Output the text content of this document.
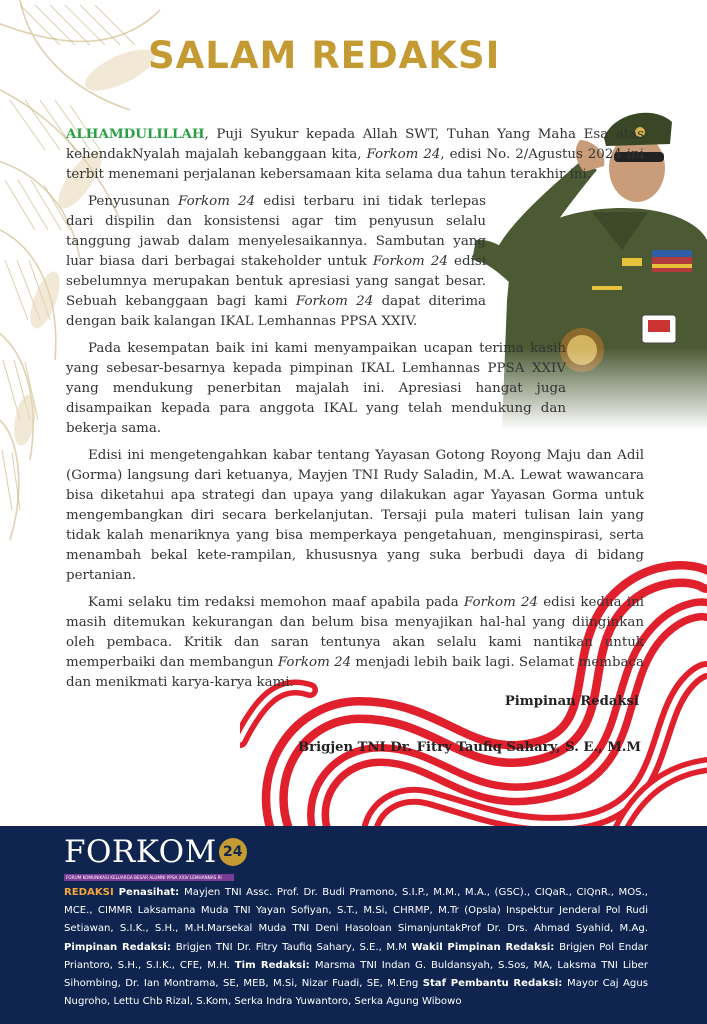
SALAM REDAKSI

ALHAMDULILLAH, Puji Syukur kepada Allah SWT, Tuhan Yang Maha Esa atas kehendakNyalah majalah kebanggaan kita, Forkom 24, edisi No. 2/Agustus 2024 ini terbit menemani perjalanan kebersamaan kita selama dua tahun terakhir ini.

Penyusunan Forkom 24 edisi terbaru ini tidak terlepas dari dispilin dan konsistensi agar tim penyusun selalu tanggung jawab dalam menyelesaikannya. Sambutan yang luar biasa dari berbagai stakeholder untuk Forkom 24 edisi sebelumnya merupakan bentuk apresiasi yang sangat besar. Sebuah kebanggaan bagi kami Forkom 24 dapat diterima dengan baik kalangan IKAL Lemhannas PPSA XXIV.

Pada kesempatan baik ini kami menyampaikan ucapan terima kasih yang sebesar-besarnya kepada pimpinan IKAL Lemhannas PPSA XXIV yang mendukung penerbitan majalah ini. Apresiasi hangat juga disampaikan kepada para anggota IKAL yang telah mendukung dan bekerja sama.

Edisi ini mengetengahkan kabar tentang Yayasan Gotong Royong Maju dan Adil (Gorma) langsung dari ketuanya, Mayjen TNI Rudy Saladin, M.A. Lewat wawancara bisa diketahui apa strategi dan upaya yang dilakukan agar Yayasan Gorma untuk mengembangkan diri secara berkelanjutan. Tersaji pula materi tulisan lain yang tidak kalah menariknya yang bisa memperkaya pengetahuan, menginspirasi, serta menambah bekal kete-rampilan, khususnya yang suka berbudi daya di bidang pertanian.

Kami selaku tim redaksi memohon maaf apabila pada Forkom 24 edisi kedua ini masih ditemukan kekurangan dan belum bisa menyajikan hal-hal yang diinginkan oleh pembaca. Kritik dan saran tentunya akan selalu kami nantikan untuk memperbaiki dan membangun Forkom 24 menjadi lebih baik lagi. Selamat membaca dan menikmati karya-karya kami.

Pimpinan Redaksi
Brigjen TNI Dr. Fitry Taufiq Sahary, S. E., M.M
FORKOM 24
FORUM KOMUNIKASI KELUARGA BESAR ALUMNI PPSA XXIV LEMHANNAS RI
REDAKSI Penasihat: Mayjen TNI Assc. Prof. Dr. Budi Pramono, S.I.P., M.M., M.A., (GSC)., CIQaR., CIQnR., MOS., MCE., CIMMR Laksamana Muda TNI Yayan Sofiyan, S.T., M.Si, CHRMP, M.Tr (Opsla) Inspektur Jenderal Pol Rudi Setiawan, S.I.K., S.H., M.H.Marsekal Muda TNI Deni Hasoloan SimanjuntakProf Dr. Drs. Ahmad Syahid, M.Ag. Pimpinan Redaksi: Brigjen TNI Dr. Fitry Taufiq Sahary, S.E., M.M Wakil Pimpinan Redaksi: Brigjen Pol Endar Priantoro, S.H., S.I.K., CFE, M.H. Tim Redaksi: Marsma TNI Indan G. Buldansyah, S.Sos, MA, Laksma TNI Liber Sihombing, Dr. Ian Montrama, SE, MEB, M.Si, Nizar Fuadi, SE, M.Eng Staf Pembantu Redaksi: Mayor Caj Agus Nugroho, Lettu Chb Rizal, S.Kom, Serka Indra Yuwantoro, Serka Agung Wibowo
